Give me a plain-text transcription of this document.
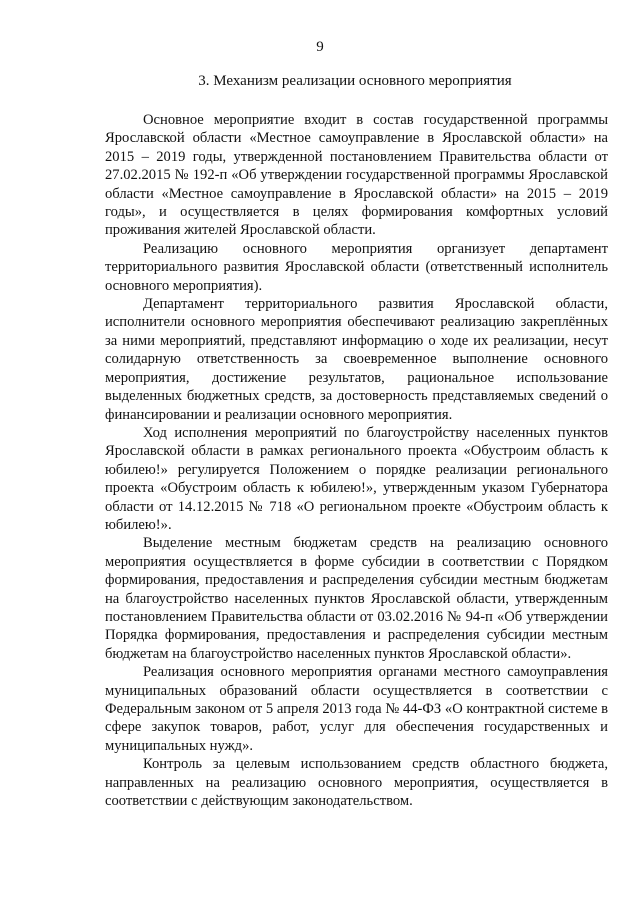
9
3. Механизм реализации основного мероприятия

Основное мероприятие входит в состав государственной программы Ярославской области «Местное самоуправление в Ярославской области» на 2015 – 2019 годы, утвержденной постановлением Правительства области от 27.02.2015 № 192-п «Об утверждении государственной программы Ярославской области «Местное самоуправление в Ярославской области» на 2015 – 2019 годы», и осуществляется в целях формирования комфортных условий проживания жителей Ярославской области.

Реализацию основного мероприятия организует департамент территориального развития Ярославской области (ответственный исполнитель основного мероприятия).

Департамент территориального развития Ярославской области, исполнители основного мероприятия обеспечивают реализацию закреплённых за ними мероприятий, представляют информацию о ходе их реализации, несут солидарную ответственность за своевременное выполнение основного мероприятия, достижение результатов, рациональное использование выделенных бюджетных средств, за достоверность представляемых сведений о финансировании и реализации основного мероприятия.

Ход исполнения мероприятий по благоустройству населенных пунктов Ярославской области в рамках регионального проекта «Обустроим область к юбилею!» регулируется Положением о порядке реализации регионального проекта «Обустроим область к юбилею!», утвержденным указом Губернатора области от 14.12.2015 № 718 «О региональном проекте «Обустроим область к юбилею!».

Выделение местным бюджетам средств на реализацию основного мероприятия осуществляется в форме субсидии в соответствии с Порядком формирования, предоставления и распределения субсидии местным бюджетам на благоустройство населенных пунктов Ярославской области, утвержденным постановлением Правительства области от 03.02.2016 № 94-п «Об утверждении Порядка формирования, предоставления и распределения субсидии местным бюджетам на благоустройство населенных пунктов Ярославской области».

Реализация основного мероприятия органами местного самоуправления муниципальных образований области осуществляется в соответствии с Федеральным законом от 5 апреля 2013 года № 44-ФЗ «О контрактной системе в сфере закупок товаров, работ, услуг для обеспечения государственных и муниципальных нужд».

Контроль за целевым использованием средств областного бюджета, направленных на реализацию основного мероприятия, осуществляется в соответствии с действующим законодательством.
